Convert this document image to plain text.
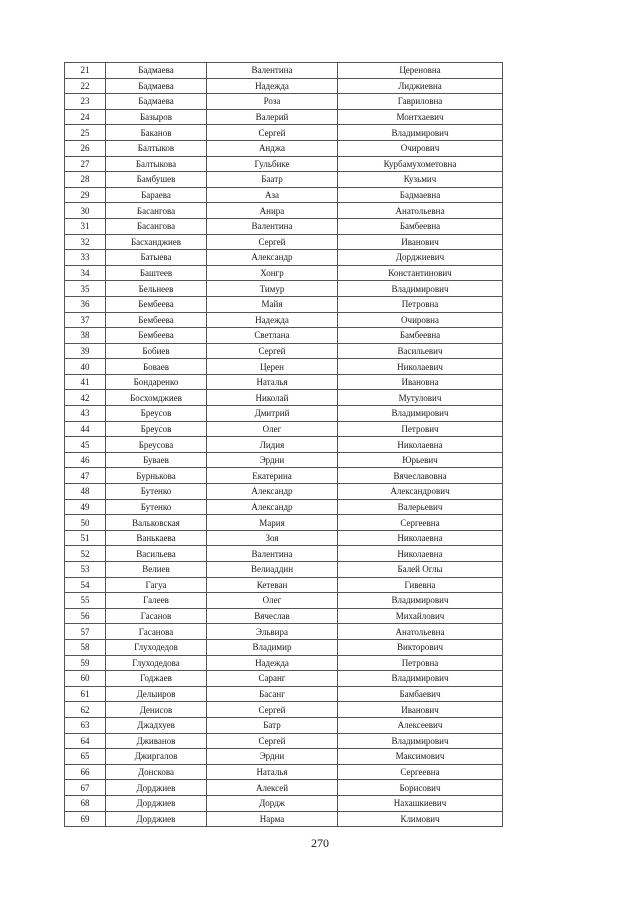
21	Бадмаева	Валентина	Цереновна
22	Бадмаева	Надежда	Лиджиевна
23	Бадмаева	Роза	Гавриловна
24	Базыров	Валерий	Монтхаевич
25	Баканов	Сергей	Владимирович
26	Балтыков	Анджа	Очирович
27	Балтыкова	Гульбике	Курбамухометовна
28	Бамбушев	Баатр	Кузьмич
29	Бараева	Аза	Бадмаевна
30	Басангова	Анира	Анатольевна
31	Басангова	Валентина	Бамбеевна
32	Басханджиев	Сергей	Иванович
33	Батыева	Александр	Дорджиевич
34	Баштеев	Хонгр	Константинович
35	Бельнеев	Тимур	Владимирович
36	Бембеева	Майя	Петровна
37	Бембеева	Надежда	Очировна
38	Бембеева	Светлана	Бамбеевна
39	Бобиев	Сергей	Васильевич
40	Боваев	Церен	Николаевич
41	Бондаренко	Наталья	Ивановна
42	Босхомджиев	Николай	Мутулович
43	Бреусов	Дмитрий	Владимирович
44	Бреусов	Олег	Петрович
45	Бреусова	Лидия	Николаевна
46	Буваев	Эрдни	Юрьевич
47	Бурнькова	Екатерина	Вячеславовна
48	Бутенко	Александр	Александрович
49	Бутенко	Александр	Валерьевич
50	Вальковская	Мария	Сергеевна
51	Ванькаева	Зоя	Николаевна
52	Васильева	Валентина	Николаевна
53	Велиев	Велиаддин	Балей Оглы
54	Гагуа	Кетеван	Гивевна
55	Галеев	Олег	Владимирович
56	Гасанов	Вячеслав	Михайлович
57	Гасанова	Эльвира	Анатольевна
58	Глуходедов	Владимир	Викторович
59	Глуходедова	Надежда	Петровна
60	Годжаев	Саранг	Владимирович
61	Делыиров	Басанг	Бамбаевич
62	Денисов	Сергей	Иванович
63	Джадхуев	Батр	Алексеевич
64	Дживанов	Сергей	Владимирович
65	Джиргалов	Эрдни	Максимович
66	Донскова	Наталья	Сергеевна
67	Дорджиев	Алексей	Борисович
68	Дорджиев	Дордж	Нахашкиевич
69	Дорджиев	Нарма	Климович
270
